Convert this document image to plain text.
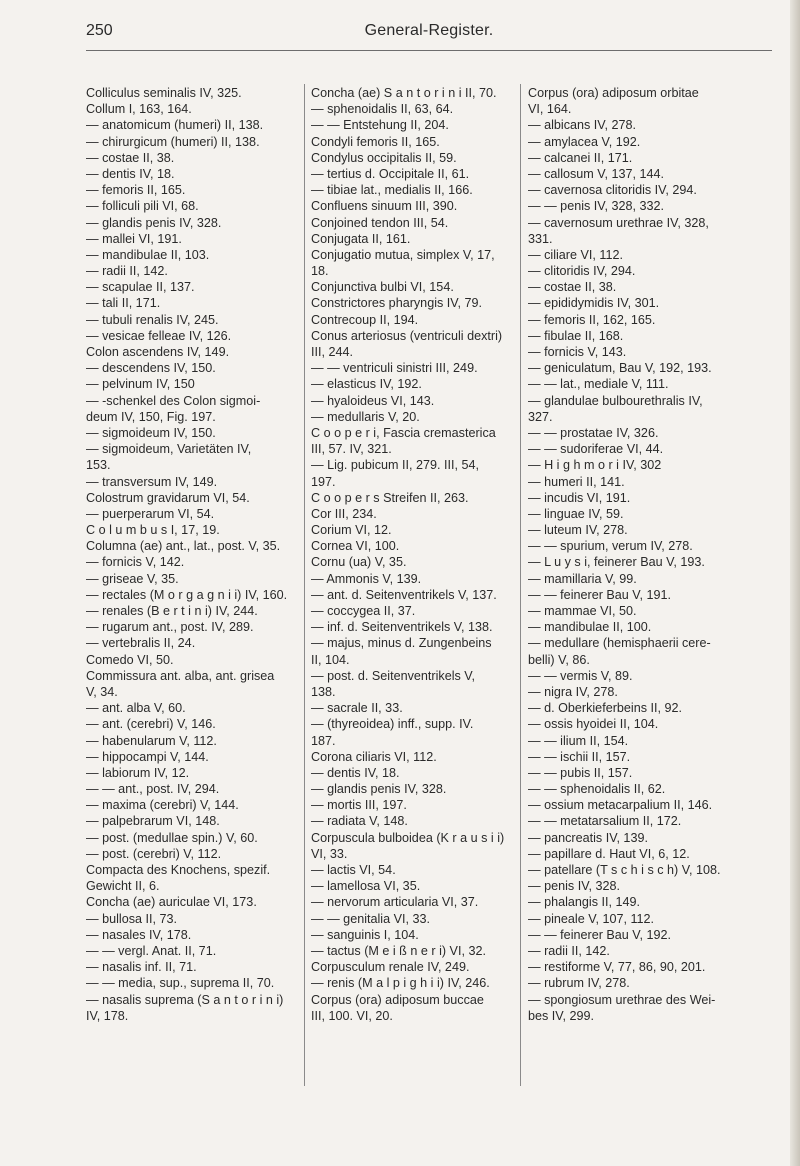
250	General-Register.
Colliculus seminalis IV, 325.
Collum I, 163, 164.
— anatomicum (humeri) II, 138.
— chirurgicum (humeri) II, 138.
— costae II, 38.
— dentis IV, 18.
— femoris II, 165.
— folliculi pili VI, 68.
— glandis penis IV, 328.
— mallei VI, 191.
— mandibulae II, 103.
— radii II, 142.
— scapulae II, 137.
— tali II, 171.
— tubuli renalis IV, 245.
— vesicae felleae IV, 126.
Colon ascendens IV, 149.
— descendens IV, 150.
— pelvinum IV, 150
— -schenkel des Colon sigmoi-
deum IV, 150, Fig. 197.
— sigmoideum IV, 150.
— sigmoideum, Varietäten IV,
153.
— transversum IV, 149.
Colostrum gravidarum VI, 54.
— puerperarum VI, 54.
C o l u m b u s I, 17, 19.
Columna (ae) ant., lat., post. V, 35.
— fornicis V, 142.
— griseae V, 35.
— rectales (M o r g a g n i i) IV, 160.
— renales (B e r t i n i) IV, 244.
— rugarum ant., post. IV, 289.
— vertebralis II, 24.
Comedo VI, 50.
Commissura ant. alba, ant. grisea
V, 34.
— ant. alba V, 60.
— ant. (cerebri) V, 146.
— habenularum V, 112.
— hippocampi V, 144.
— labiorum IV, 12.
— — ant., post. IV, 294.
— maxima (cerebri) V, 144.
— palpebrarum VI, 148.
— post. (medullae spin.) V, 60.
— post. (cerebri) V, 112.
Compacta des Knochens, spezif.
Gewicht II, 6.
Concha (ae) auriculae VI, 173.
— bullosa II, 73.
— nasales IV, 178.
— — vergl. Anat. II, 71.
— nasalis inf. II, 71.
— — media, sup., suprema II, 70.
— nasalis suprema (S a n t o r i n i)
IV, 178.
Concha (ae) S a n t o r i n i II, 70.
— sphenoidalis II, 63, 64.
— — Entstehung II, 204.
Condyli femoris II, 165.
Condylus occipitalis II, 59.
— tertius d. Occipitale II, 61.
— tibiae lat., medialis II, 166.
Confluens sinuum III, 390.
Conjoined tendon III, 54.
Conjugata II, 161.
Conjugatio mutua, simplex V, 17,
18.
Conjunctiva bulbi VI, 154.
Constrictores pharyngis IV, 79.
Contrecoup II, 194.
Conus arteriosus (ventriculi dextri)
III, 244.
— — ventriculi sinistri III, 249.
— elasticus IV, 192.
— hyaloideus VI, 143.
— medullaris V, 20.
C o o p e r i, Fascia cremasterica
III, 57. IV, 321.
— Lig. pubicum II, 279. III, 54,
197.
C o o p e r s Streifen II, 263.
Cor III, 234.
Corium VI, 12.
Cornea VI, 100.
Cornu (ua) V, 35.
— Ammonis V, 139.
— ant. d. Seitenventrikels V, 137.
— coccygea II, 37.
— inf. d. Seitenventrikels V, 138.
— majus, minus d. Zungenbeins
II, 104.
— post. d. Seitenventrikels V,
138.
— sacrale II, 33.
— (thyreoidea) inff., supp. IV.
187.
Corona ciliaris VI, 112.
— dentis IV, 18.
— glandis penis IV, 328.
— mortis III, 197.
— radiata V, 148.
Corpuscula bulboidea (K r a u s i i)
VI, 33.
— lactis VI, 54.
— lamellosa VI, 35.
— nervorum articularia VI, 37.
— — genitalia VI, 33.
— sanguinis I, 104.
— tactus (M e i ß n e r i) VI, 32.
Corpusculum renale IV, 249.
— renis (M a l p i g h i i) IV, 246.
Corpus (ora) adiposum buccae
III, 100. VI, 20.
Corpus (ora) adiposum orbitae
VI, 164.
— albicans IV, 278.
— amylacea V, 192.
— calcanei II, 171.
— callosum V, 137, 144.
— cavernosa clitoridis IV, 294.
— — penis IV, 328, 332.
— cavernosum urethrae IV, 328,
331.
— ciliare VI, 112.
— clitoridis IV, 294.
— costae II, 38.
— epididymidis IV, 301.
— femoris II, 162, 165.
— fibulae II, 168.
— fornicis V, 143.
— geniculatum, Bau V, 192, 193.
— — lat., mediale V, 111.
— glandulae bulbourethralis IV,
327.
— — prostatae IV, 326.
— — sudoriferae VI, 44.
— H i g h m o r i IV, 302
— humeri II, 141.
— incudis VI, 191.
— linguae IV, 59.
— luteum IV, 278.
— — spurium, verum IV, 278.
— L u y s i, feinerer Bau V, 193.
— mamillaria V, 99.
— — feinerer Bau V, 191.
— mammae VI, 50.
— mandibulae II, 100.
— medullare (hemisphaerii cere-
belli) V, 86.
— — vermis V, 89.
— nigra IV, 278.
— d. Oberkieferbeins II, 92.
— ossis hyoidei II, 104.
— — ilium II, 154.
— — ischii II, 157.
— — pubis II, 157.
— — sphenoidalis II, 62.
— ossium metacarpalium II, 146.
— — metatarsalium II, 172.
— pancreatis IV, 139.
— papillare d. Haut VI, 6, 12.
— patellare (T s c h i s c h) V, 108.
— penis IV, 328.
— phalangis II, 149.
— pineale V, 107, 112.
— — feinerer Bau V, 192.
— radii II, 142.
— restiforme V, 77, 86, 90, 201.
— rubrum IV, 278.
— spongiosum urethrae des Wei-
bes IV, 299.
